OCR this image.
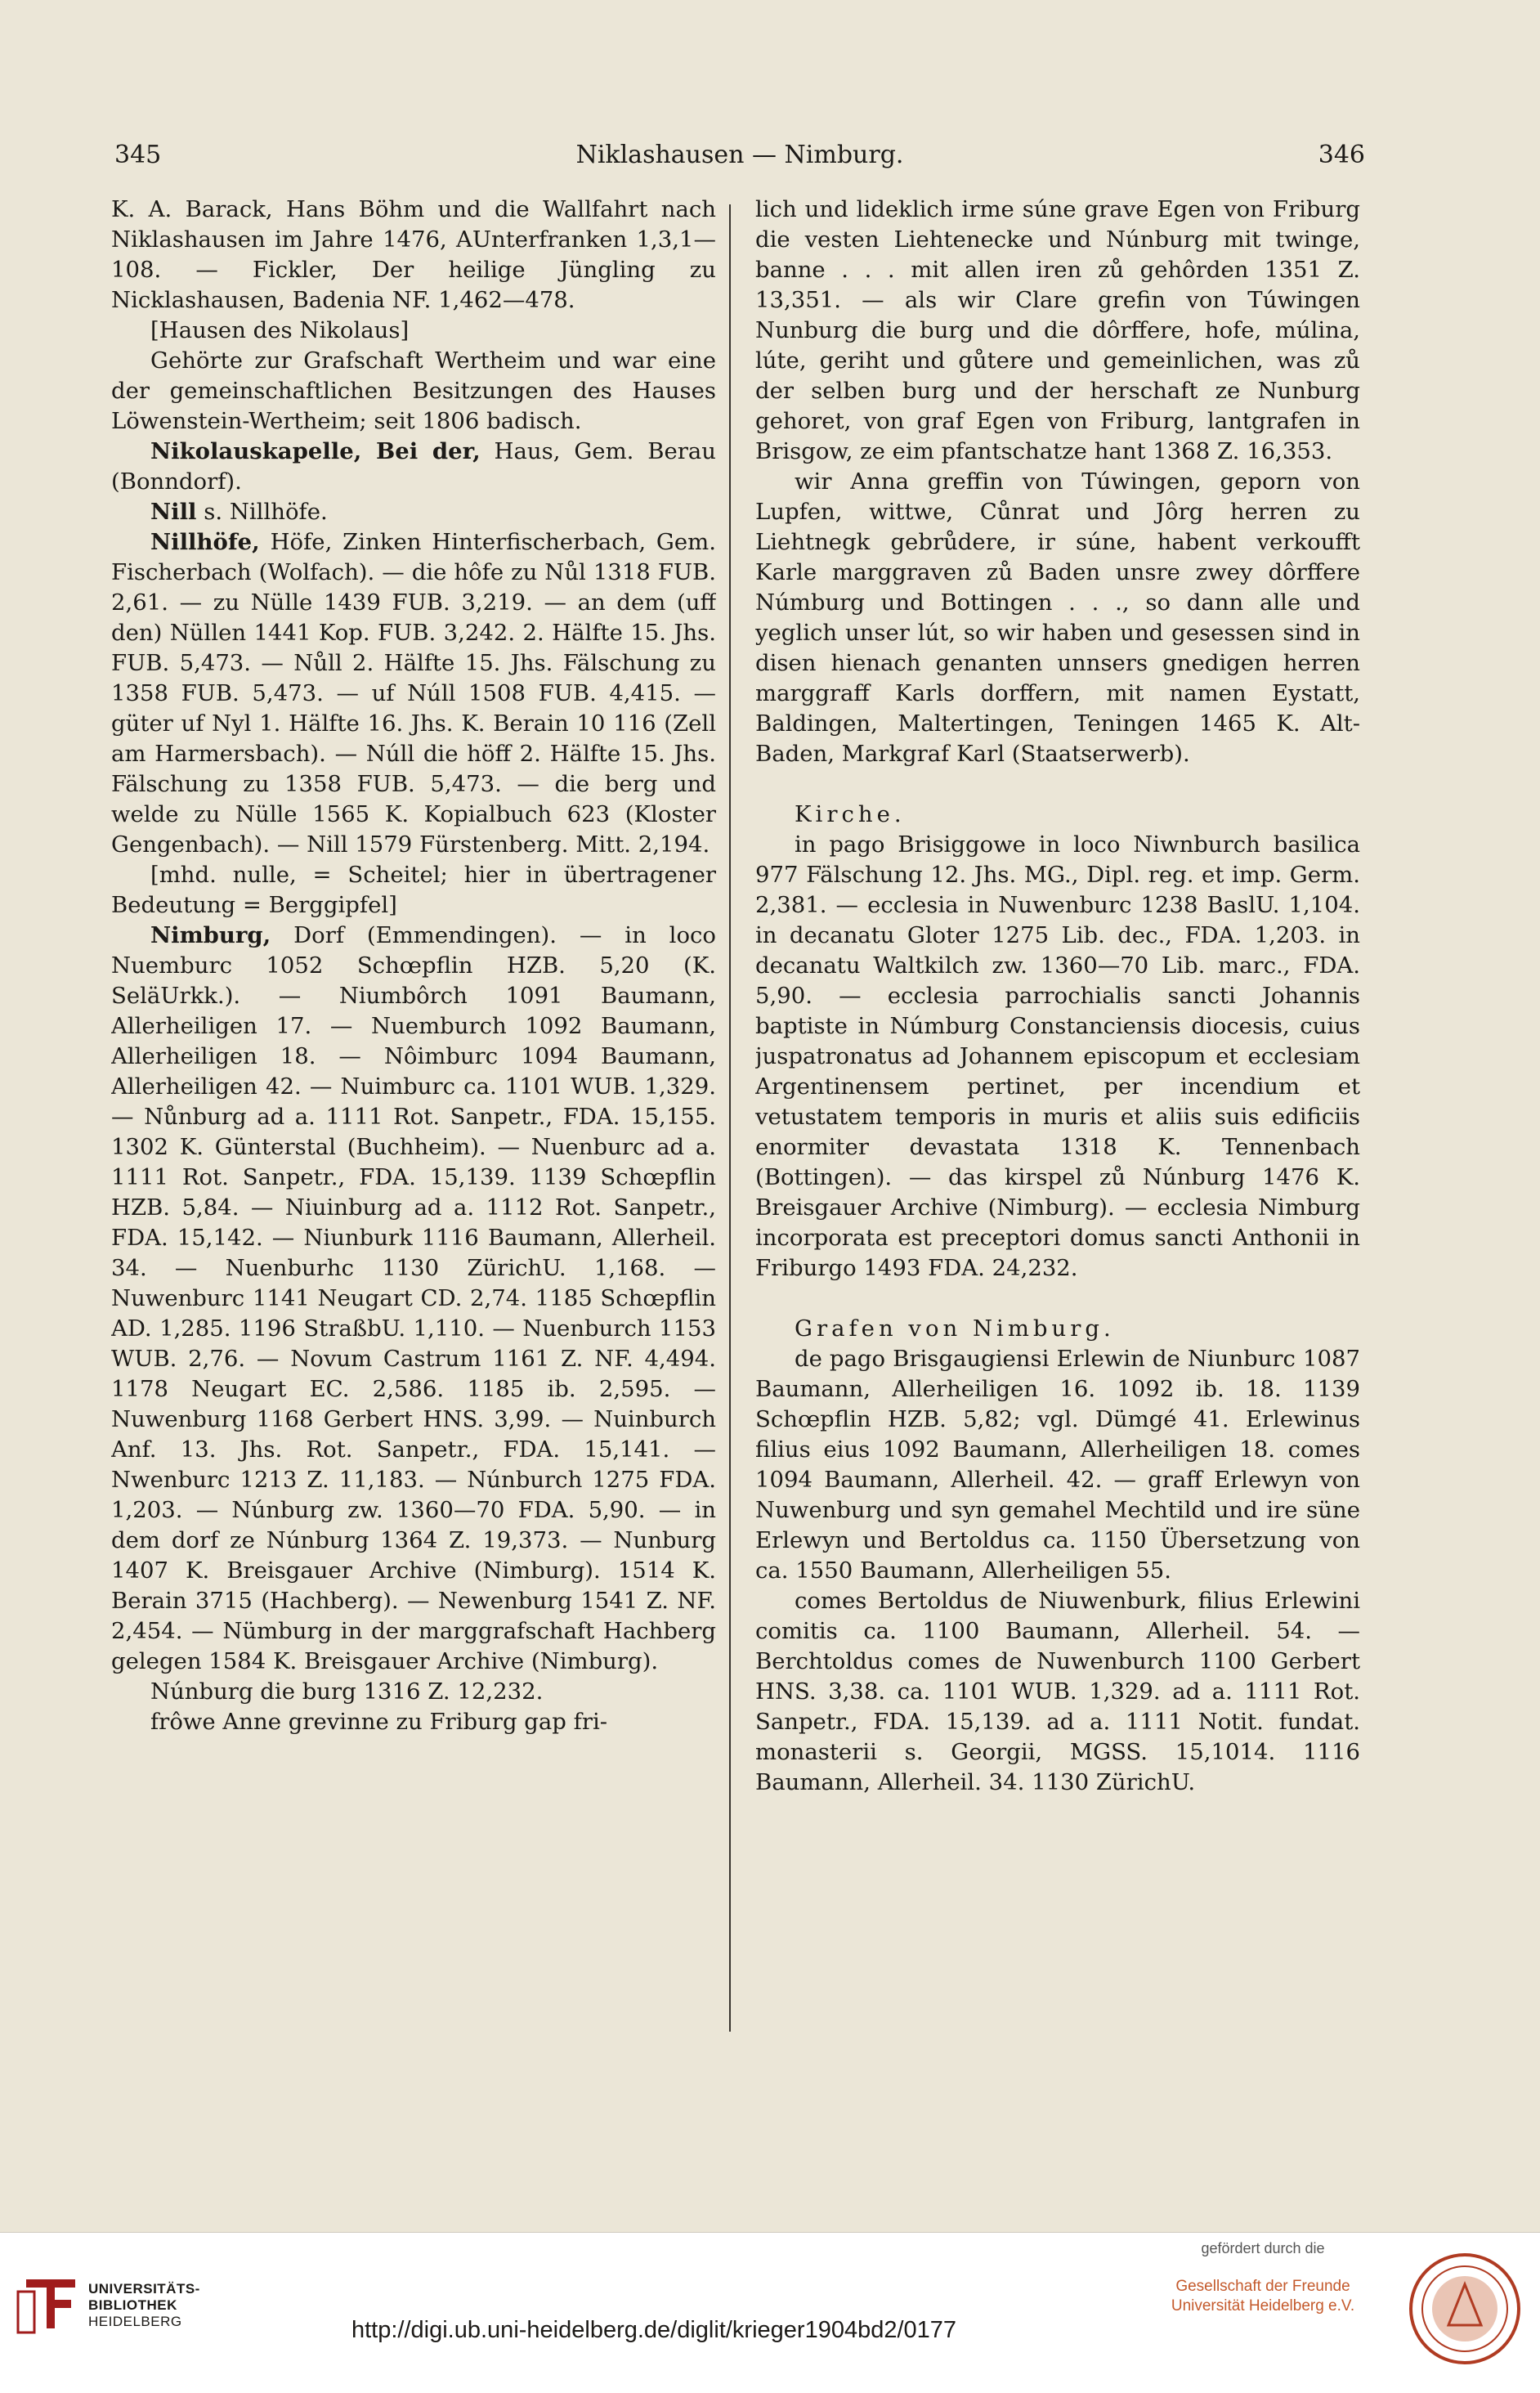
345	Niklashausen — Nimburg.	346

K. A. Barack, Hans Böhm und die Wallfahrt nach Niklashausen im Jahre 1476, AUnterfranken 1,3,1—108. — Fickler, Der heilige Jüngling zu Nicklashausen, Badenia NF. 1,462—478.

[Hausen des Nikolaus]

Gehörte zur Grafschaft Wertheim und war eine der gemeinschaftlichen Besitzungen des Hauses Löwenstein-Wertheim; seit 1806 badisch.

Nikolauskapelle, Bei der, Haus, Gem. Berau (Bonndorf).

Nill s. Nillhöfe.

Nillhöfe, Höfe, Zinken Hinterfischerbach, Gem. Fischerbach (Wolfach). — die hôfe zu Nůl 1318 FUB. 2,61. — zu Nülle 1439 FUB. 3,219. — an dem (uff den) Nüllen 1441 Kop. FUB. 3,242. 2. Hälfte 15. Jhs. FUB. 5,473. — Nůll 2. Hälfte 15. Jhs. Fälschung zu 1358 FUB. 5,473. — uf Núll 1508 FUB. 4,415. — güter uf Nyl 1. Hälfte 16. Jhs. K. Berain 10 116 (Zell am Harmersbach). — Núll die höff 2. Hälfte 15. Jhs. Fälschung zu 1358 FUB. 5,473. — die berg und welde zu Nülle 1565 K. Kopialbuch 623 (Kloster Gengenbach). — Nill 1579 Fürstenberg. Mitt. 2,194.

[mhd. nulle, = Scheitel; hier in übertragener Bedeutung = Berggipfel]

Nimburg, Dorf (Emmendingen). — in loco Nuemburc 1052 Schœpflin HZB. 5,20 (K. SeläUrkk.). — Niumbôrch 1091 Baumann, Allerheiligen 17. — Nuemburch 1092 Baumann, Allerheiligen 18. — Nôimburc 1094 Baumann, Allerheiligen 42. — Nuimburc ca. 1101 WUB. 1,329. — Nůnburg ad a. 1111 Rot. Sanpetr., FDA. 15,155. 1302 K. Günterstal (Buchheim). — Nuenburc ad a. 1111 Rot. Sanpetr., FDA. 15,139. 1139 Schœpflin HZB. 5,84. — Niuinburg ad a. 1112 Rot. Sanpetr., FDA. 15,142. — Niunburk 1116 Baumann, Allerheil. 34. — Nuenburhc 1130 ZürichU. 1,168. — Nuwenburc 1141 Neugart CD. 2,74. 1185 Schœpflin AD. 1,285. 1196 StraßbU. 1,110. — Nuenburch 1153 WUB. 2,76. — Novum Castrum 1161 Z. NF. 4,494. 1178 Neugart EC. 2,586. 1185 ib. 2,595. — Nuwenburg 1168 Gerbert HNS. 3,99. — Nuinburch Anf. 13. Jhs. Rot. Sanpetr., FDA. 15,141. — Nwenburc 1213 Z. 11,183. — Núnburch 1275 FDA. 1,203. — Núnburg zw. 1360—70 FDA. 5,90. — in dem dorf ze Núnburg 1364 Z. 19,373. — Nunburg 1407 K. Breisgauer Archive (Nimburg). 1514 K. Berain 3715 (Hachberg). — Newenburg 1541 Z. NF. 2,454. — Nümburg in der marggrafschaft Hachberg gelegen 1584 K. Breisgauer Archive (Nimburg).

Núnburg die burg 1316 Z. 12,232.

frôwe Anne grevinne zu Friburg gap fri-

lich und lideklich irme súne grave Egen von Friburg die vesten Liehtenecke und Núnburg mit twinge, banne . . . mit allen iren zů gehôrden 1351 Z. 13,351. — als wir Clare grefin von Túwingen Nunburg die burg und die dôrffere, hofe, múlina, lúte, geriht und gůtere und gemeinlichen, was zů der selben burg und der herschaft ze Nunburg gehoret, von graf Egen von Friburg, lantgrafen in Brisgow, ze eim pfantschatze hant 1368 Z. 16,353.

wir Anna greffin von Túwingen, geporn von Lupfen, wittwe, Cůnrat und Jôrg herren zu Liehtnegk gebrůdere, ir súne, habent verkoufft Karle marggraven zů Baden unsre zwey dôrffere Númburg und Bottingen . . ., so dann alle und yeglich unser lút, so wir haben und gesessen sind in disen hienach genanten unnsers gnedigen herren marggraff Karls dorffern, mit namen Eystatt, Baldingen, Maltertingen, Teningen 1465 K. Alt-Baden, Markgraf Karl (Staatserwerb).

Kirche.

in pago Brisiggowe in loco Niwnburch basilica 977 Fälschung 12. Jhs. MG., Dipl. reg. et imp. Germ. 2,381. — ecclesia in Nuwenburc 1238 BaslU. 1,104. in decanatu Gloter 1275 Lib. dec., FDA. 1,203. in decanatu Waltkilch zw. 1360—70 Lib. marc., FDA. 5,90. — ecclesia parrochialis sancti Johannis baptiste in Númburg Constanciensis diocesis, cuius juspatronatus ad Johannem episcopum et ecclesiam Argentinensem pertinet, per incendium et vetustatem temporis in muris et aliis suis edificiis enormiter devastata 1318 K. Tennenbach (Bottingen). — das kirspel zů Núnburg 1476 K. Breisgauer Archive (Nimburg). — ecclesia Nimburg incorporata est preceptori domus sancti Anthonii in Friburgo 1493 FDA. 24,232.

Grafen von Nimburg.

de pago Brisgaugiensi Erlewin de Niunburc 1087 Baumann, Allerheiligen 16. 1092 ib. 18. 1139 Schœpflin HZB. 5,82; vgl. Dümgé 41. Erlewinus filius eius 1092 Baumann, Allerheiligen 18. comes 1094 Baumann, Allerheil. 42. — graff Erlewyn von Nuwenburg und syn gemahel Mechtild und ire süne Erlewyn und Bertoldus ca. 1150 Übersetzung von ca. 1550 Baumann, Allerheiligen 55.

comes Bertoldus de Niuwenburk, filius Erlewini comitis ca. 1100 Baumann, Allerheil. 54. — Berchtoldus comes de Nuwenburch 1100 Gerbert HNS. 3,38. ca. 1101 WUB. 1,329. ad a. 1111 Rot. Sanpetr., FDA. 15,139. ad a. 1111 Notit. fundat. monasterii s. Georgii, MGSS. 15,1014. 1116 Baumann, Allerheil. 34. 1130 ZürichU.

UNIVERSITÄTS-
BIBLIOTHEK
HEIDELBERG	http://digi.ub.uni-heidelberg.de/diglit/krieger1904bd2/0177
gefördert durch die
Gesellschaft der Freunde
Universität Heidelberg e.V.
